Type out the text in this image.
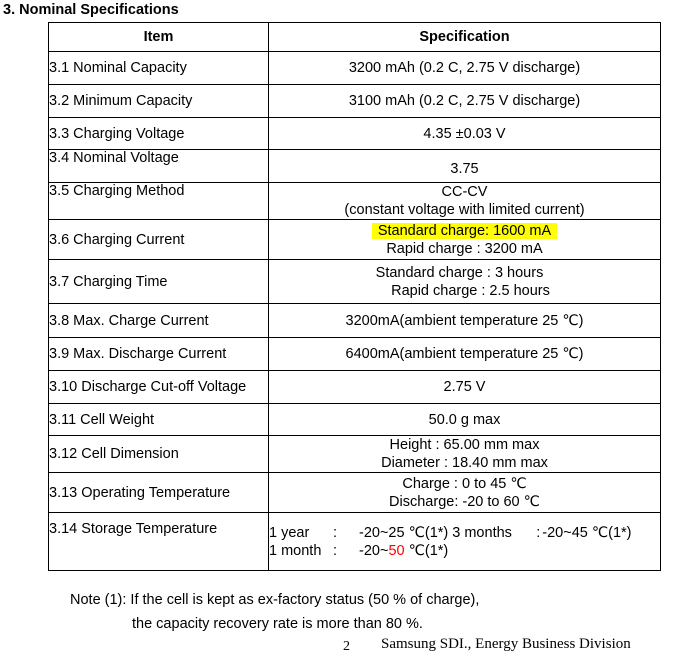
3. Nominal Specifications
Item	Specification
3.1 Nominal Capacity	3200 mAh (0.2 C, 2.75 V discharge)
3.2 Minimum Capacity	3100 mAh (0.2 C, 2.75 V discharge)
3.3 Charging Voltage	4.35 ±0.03 V
3.4 Nominal Voltage	3.75
3.5 Charging Method	CC-CV
(constant voltage with limited current)

3.6 Charging Current	Standard charge: 1600 mA
Rapid charge : 3200 mA

3.7 Charging Time	Standard charge : 3 hours
Rapid charge : 2.5 hours

3.8 Max. Charge Current	3200mA(ambient temperature 25 ℃)
3.9 Max. Discharge Current	6400mA(ambient temperature 25 ℃)
3.10 Discharge Cut-off Voltage	2.75 V
3.11 Cell Weight	50.0 g max
3.12 Cell Dimension	Height : 65.00 mm max
Diameter : 18.40 mm max

3.13 Operating Temperature	Charge : 0 to 45 ℃
Discharge: -20 to 60 ℃

3.14 Storage Temperature	1 year : -20~25 ℃(1*) 3 months : -20~45 ℃(1*) 1 month : -20~50 ℃(1*)
Note (1): If the cell is kept as ex-factory status (50 % of charge),
the capacity recovery rate is more than 80 %.
2 Samsung SDI., Energy Business Division
